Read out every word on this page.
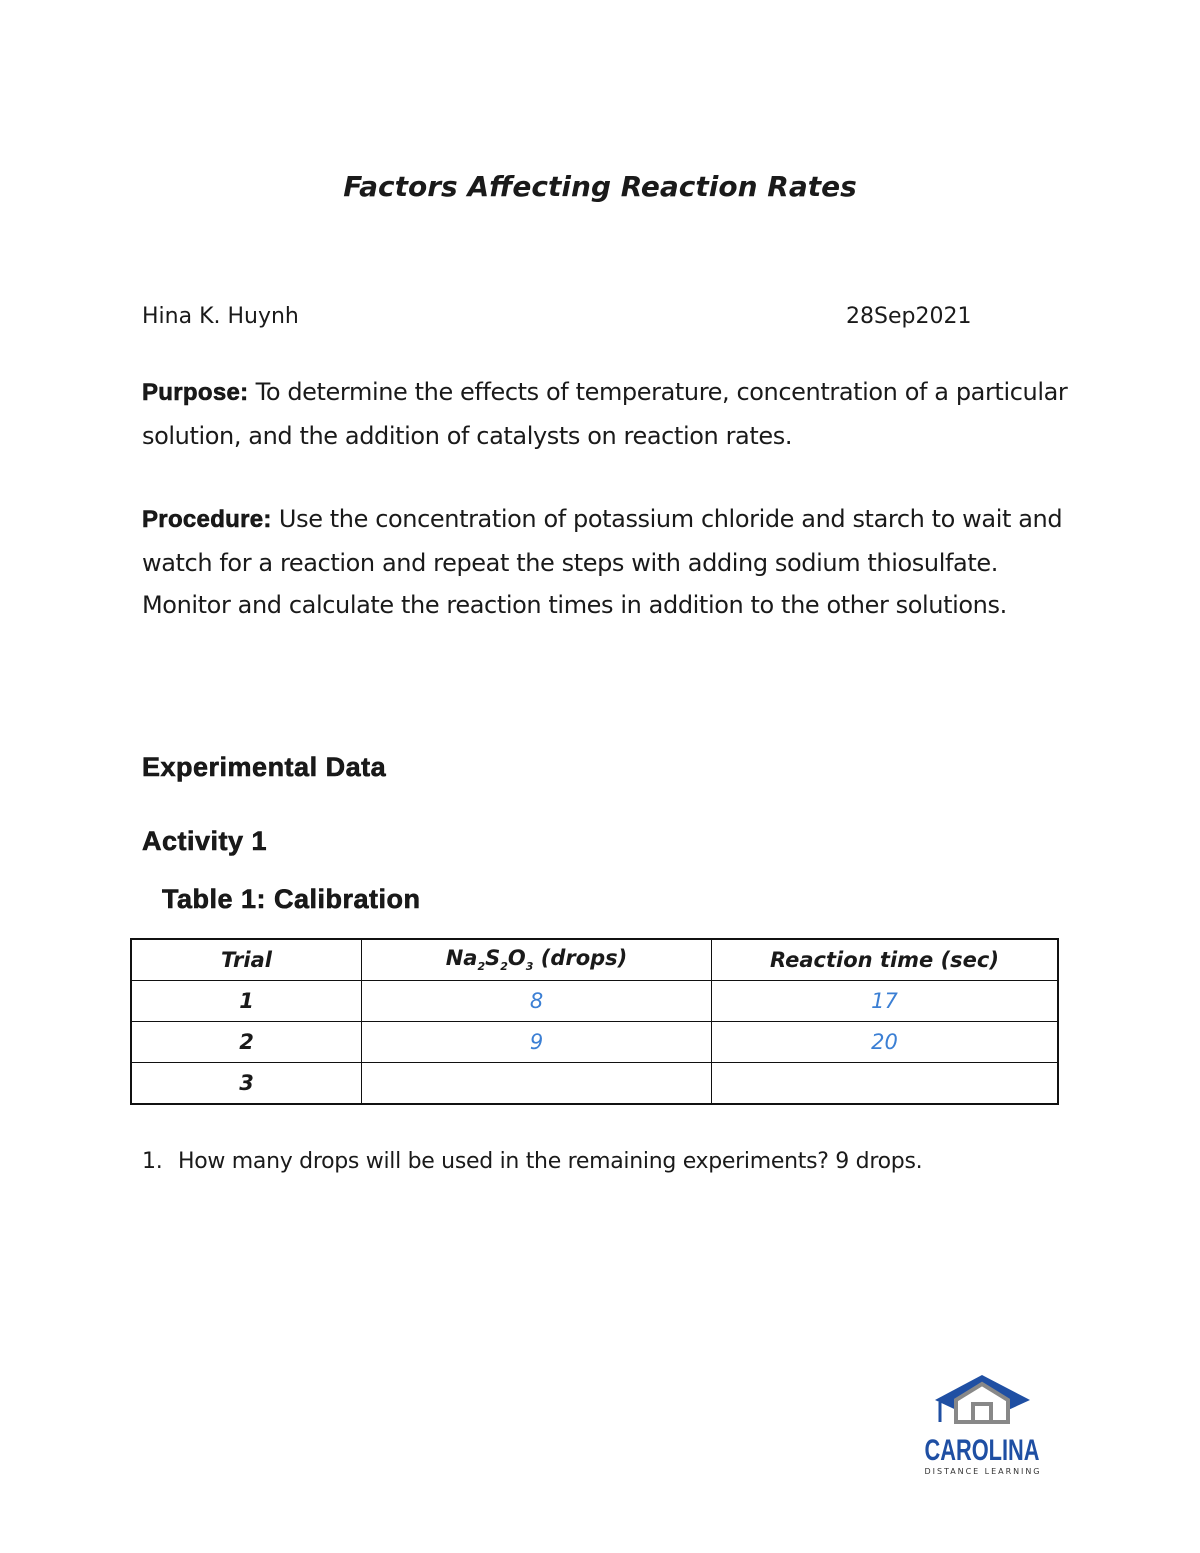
Factors Affecting Reaction Rates
Hina K. Huynh	28Sep2021
Purpose: To determine the effects of temperature, concentration of a particular solution, and the addition of catalysts on reaction rates.
Procedure: Use the concentration of potassium chloride and starch to wait and watch for a reaction and repeat the steps with adding sodium thiosulfate. Monitor and calculate the reaction times in addition to the other solutions.
Experimental Data
Activity 1
Table 1: Calibration
Trial	$Na_2S_2O_3$ (drops)	Reaction time (sec)
1	8	17
2	9	20
3		
1. How many drops will be used in the remaining experiments? 9 drops.
CAROLINA
DISTANCE LEARNING
